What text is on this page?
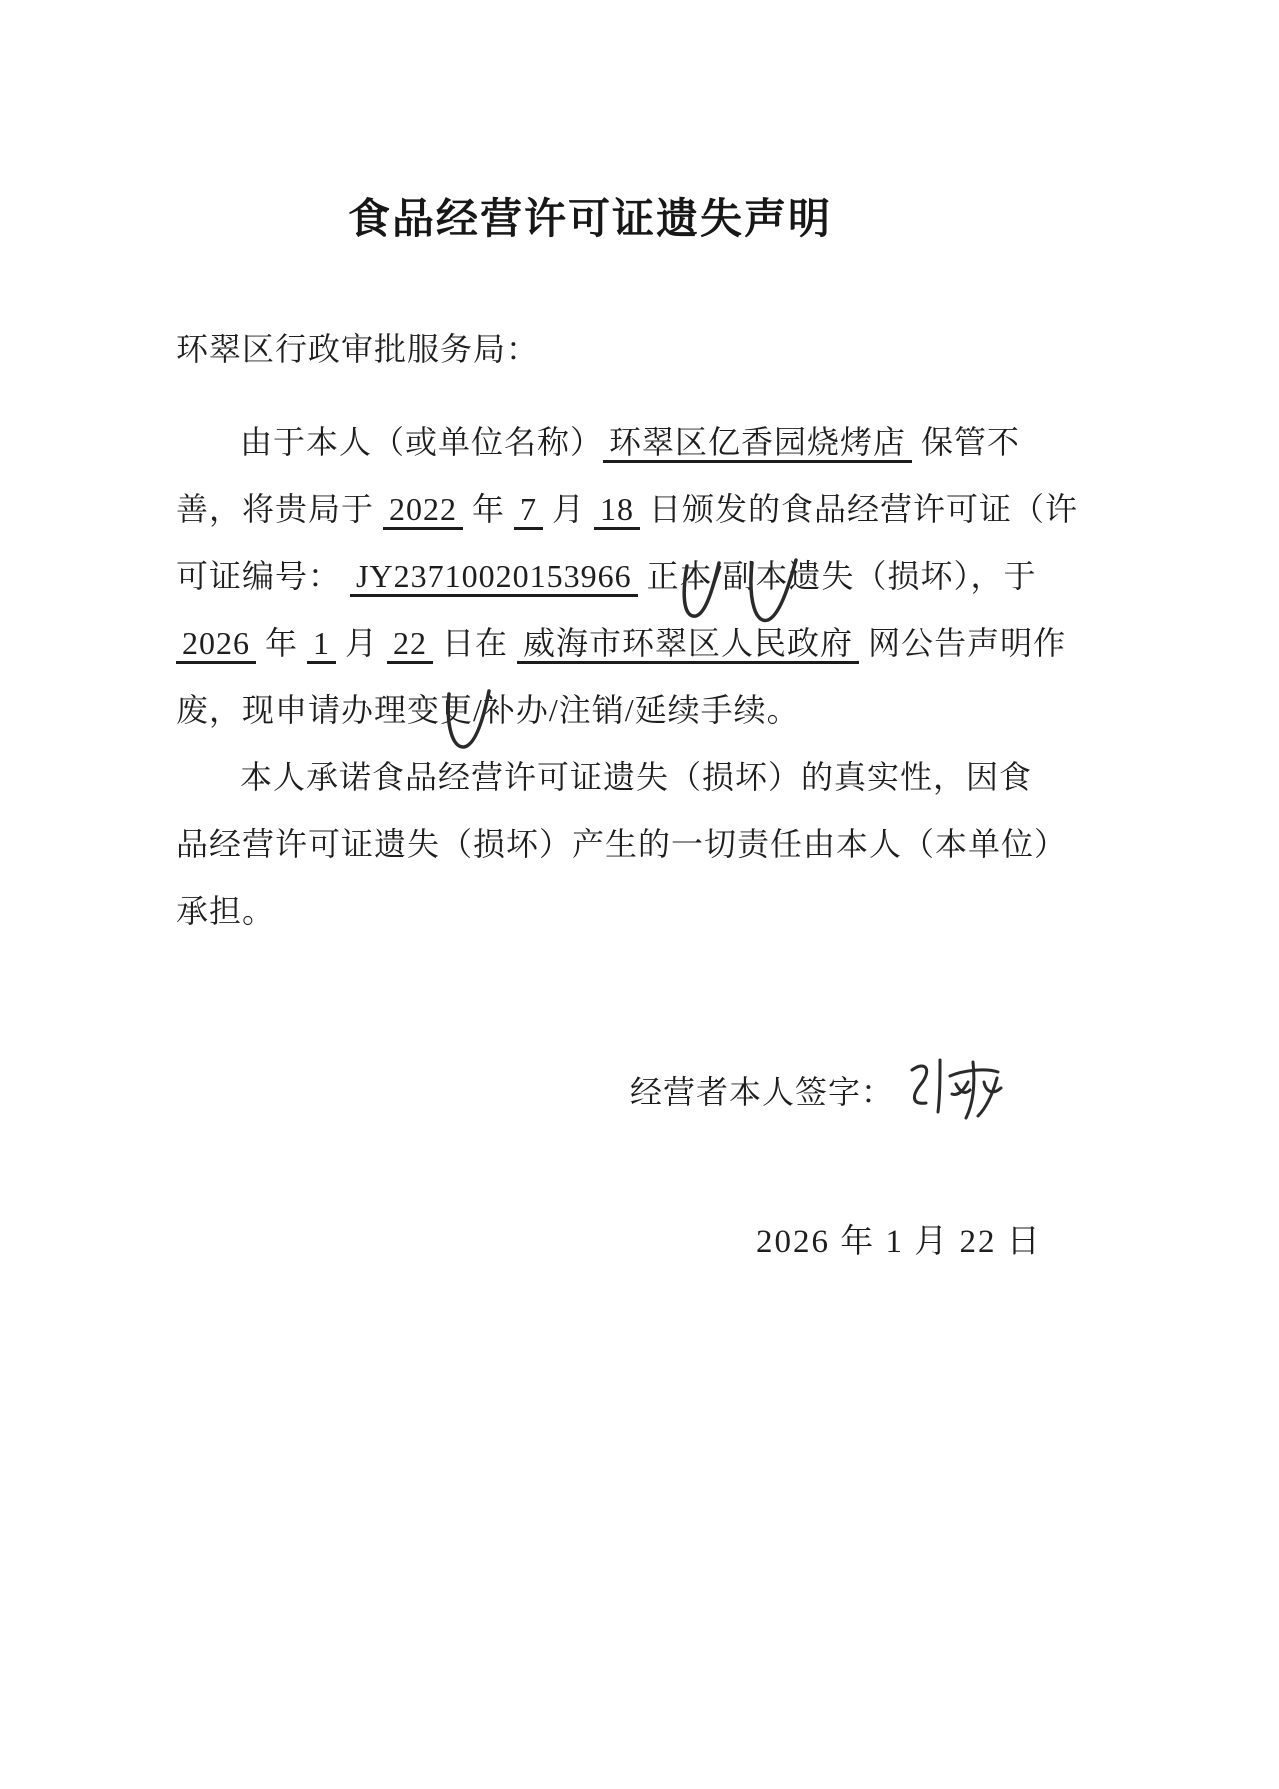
食品经营许可证遗失声明
环翠区行政审批服务局：
由于本人（或单位名称） 环翠区亿香园烧烤店 保管不
善，将贵局于 2022 年 7 月 18 日颁发的食品经营许可证（许
可证编号： JY23710020153966 正本/副本遗失（损坏），于
2026 年 1 月 22 日在 威海市环翠区人民政府 网公告声明作
废，现申请办理变更/补办/注销/延续手续。
本人承诺食品经营许可证遗失（损坏）的真实性，因食
品经营许可证遗失（损坏）产生的一切责任由本人（本单位）
承担。
经营者本人签字：
2026 年 1 月 22 日
